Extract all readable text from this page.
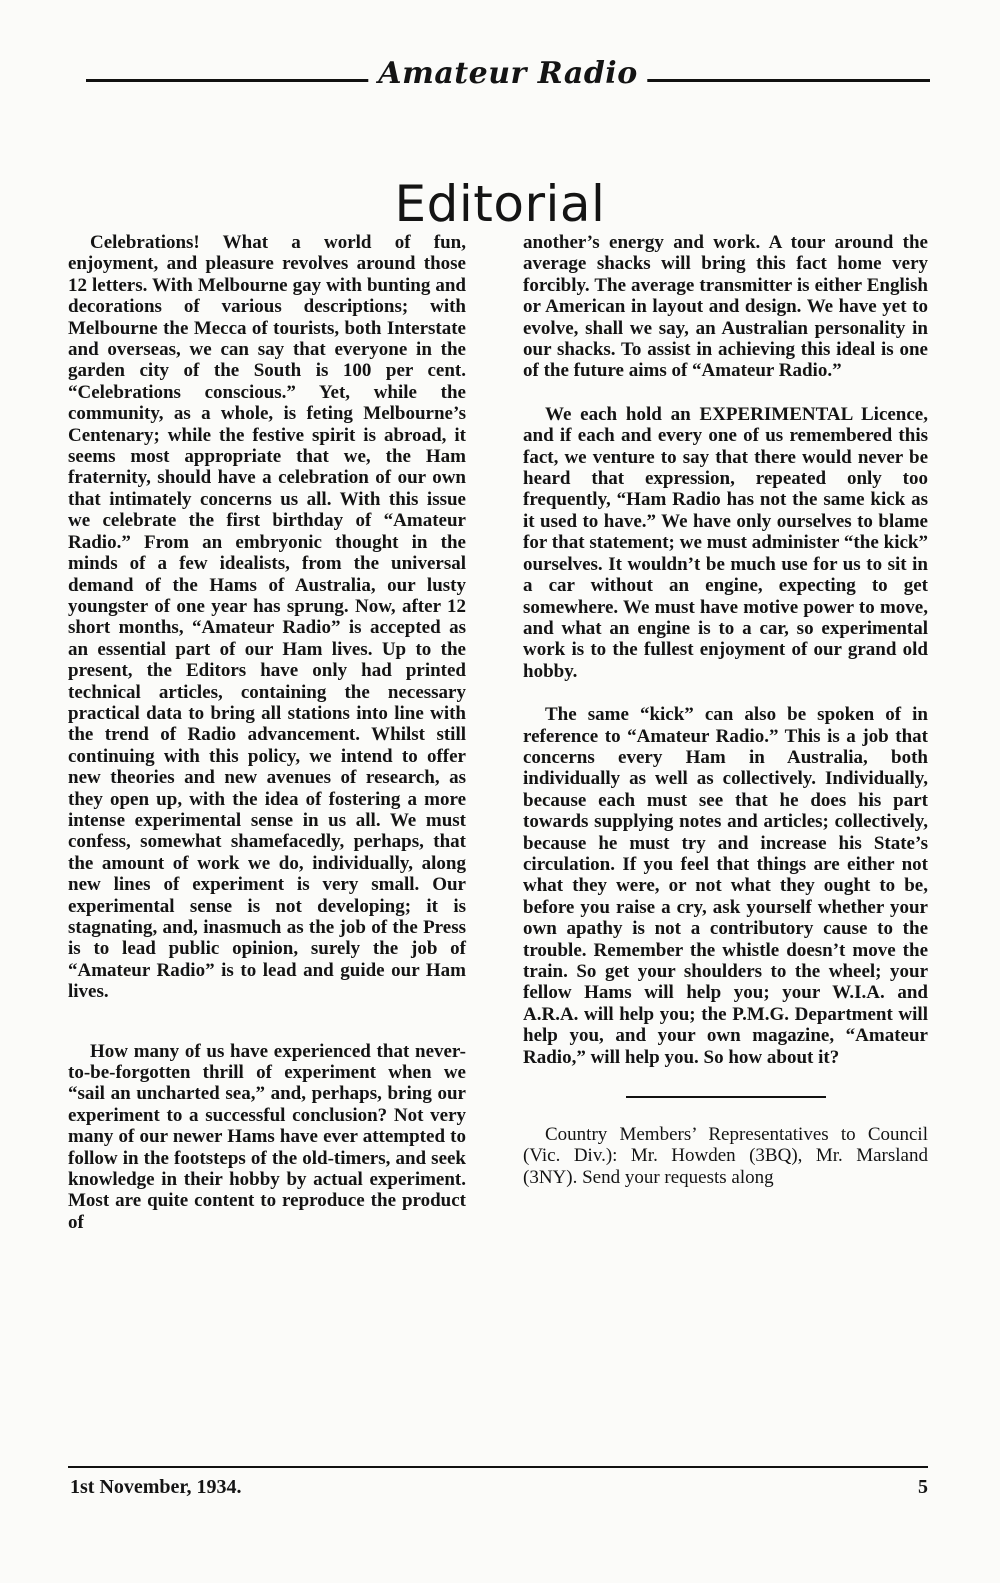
Amateur Radio
Editorial

Celebrations! What a world of fun, enjoyment, and pleasure revolves around those 12 letters. With Melbourne gay with bunting and decorations of various descriptions; with Melbourne the Mecca of tourists, both Interstate and overseas, we can say that everyone in the garden city of the South is 100 per cent. “Celebrations conscious.” Yet, while the community, as a whole, is feting Melbourne’s Centenary; while the festive spirit is abroad, it seems most appropriate that we, the Ham fraternity, should have a celebration of our own that intimately concerns us all. With this issue we celebrate the first birthday of “Amateur Radio.” From an embryonic thought in the minds of a few idealists, from the universal demand of the Hams of Australia, our lusty youngster of one year has sprung. Now, after 12 short months, “Amateur Radio” is accepted as an essential part of our Ham lives. Up to the present, the Editors have only had printed technical articles, containing the necessary practical data to bring all stations into line with the trend of Radio advancement. Whilst still continuing with this policy, we intend to offer new theories and new avenues of research, as they open up, with the idea of fostering a more intense experimental sense in us all. We must confess, somewhat shamefacedly, perhaps, that the amount of work we do, individually, along new lines of experiment is very small. Our experimental sense is not developing; it is stagnating, and, inasmuch as the job of the Press is to lead public opinion, surely the job of “Amateur Radio” is to lead and guide our Ham lives.

How many of us have experienced that never-to-be-forgotten thrill of experiment when we “sail an uncharted sea,” and, perhaps, bring our experiment to a successful conclusion? Not very many of our newer Hams have ever attempted to follow in the footsteps of the old-timers, and seek knowledge in their hobby by actual experiment. Most are quite content to reproduce the product of

another’s energy and work. A tour around the average shacks will bring this fact home very forcibly. The average transmitter is either English or American in layout and design. We have yet to evolve, shall we say, an Australian personality in our shacks. To assist in achieving this ideal is one of the future aims of “Amateur Radio.”

We each hold an EXPERIMENTAL Licence, and if each and every one of us remembered this fact, we venture to say that there would never be heard that expression, repeated only too frequently, “Ham Radio has not the same kick as it used to have.” We have only ourselves to blame for that statement; we must administer “the kick” ourselves. It wouldn’t be much use for us to sit in a car without an engine, expecting to get somewhere. We must have motive power to move, and what an engine is to a car, so experimental work is to the fullest enjoyment of our grand old hobby.

The same “kick” can also be spoken of in reference to “Amateur Radio.” This is a job that concerns every Ham in Australia, both individually as well as collectively. Individually, because each must see that he does his part towards supplying notes and articles; collectively, because he must try and increase his State’s circulation. If you feel that things are either not what they were, or not what they ought to be, before you raise a cry, ask yourself whether your own apathy is not a contributory cause to the trouble. Remember the whistle doesn’t move the train. So get your shoulders to the wheel; your fellow Hams will help you; your W.I.A. and A.R.A. will help you; the P.M.G. Department will help you, and your own magazine, “Amateur Radio,” will help you. So how about it?

Country Members’ Representatives to Council (Vic. Div.): Mr. Howden (3BQ), Mr. Marsland (3NY). Send your requests along

1st November, 1934.	5
